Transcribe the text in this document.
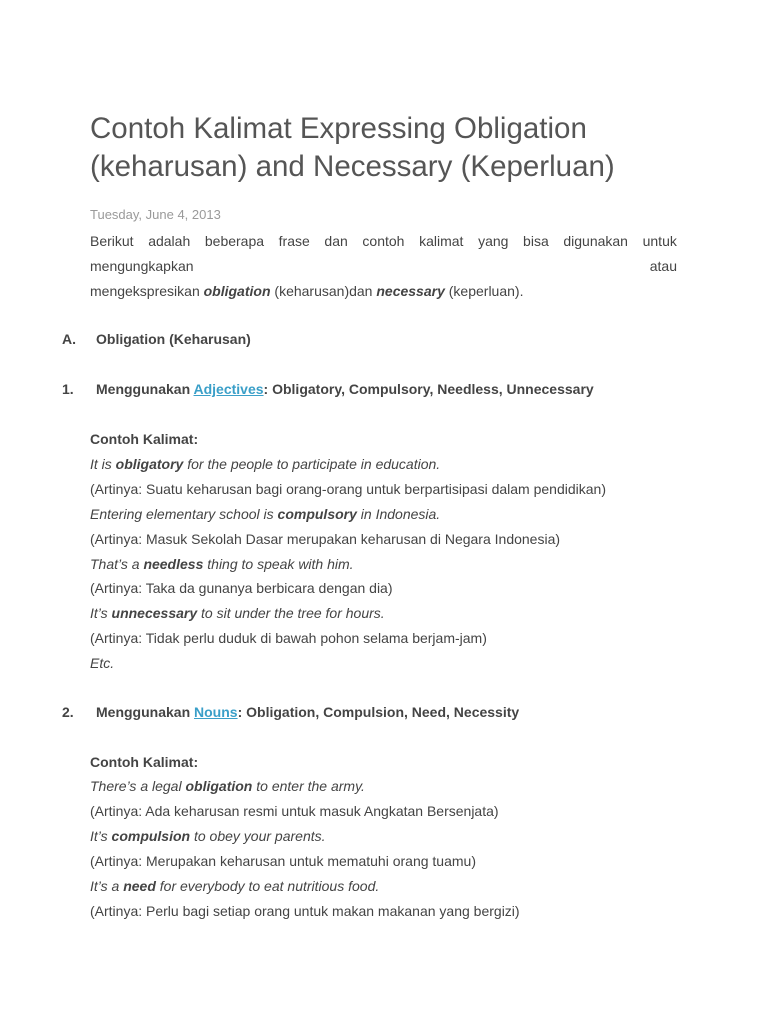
Contoh Kalimat Expressing Obligation (keharusan) and Necessary (Keperluan)
Tuesday, June 4, 2013
Berikut adalah beberapa frase dan contoh kalimat yang bisa digunakan untuk
mengungkapkan	atau
mengekspresikan obligation (keharusan)dan necessary (keperluan).
A. Obligation (Keharusan)
1. Menggunakan Adjectives: Obligatory, Compulsory, Needless, Unnecessary
Contoh Kalimat:
It is obligatory for the people to participate in education.
(Artinya: Suatu keharusan bagi orang-orang untuk berpartisipasi dalam pendidikan)
Entering elementary school is compulsory in Indonesia.
(Artinya: Masuk Sekolah Dasar merupakan keharusan di Negara Indonesia)
That’s a needless thing to speak with him.
(Artinya: Taka da gunanya berbicara dengan dia)
It’s unnecessary to sit under the tree for hours.
(Artinya: Tidak perlu duduk di bawah pohon selama berjam-jam)
Etc.
2. Menggunakan Nouns: Obligation, Compulsion, Need, Necessity
Contoh Kalimat:
There’s a legal obligation to enter the army.
(Artinya: Ada keharusan resmi untuk masuk Angkatan Bersenjata)
It’s compulsion to obey your parents.
(Artinya: Merupakan keharusan untuk mematuhi orang tuamu)
It’s a need for everybody to eat nutritious food.
(Artinya: Perlu bagi setiap orang untuk makan makanan yang bergizi)
